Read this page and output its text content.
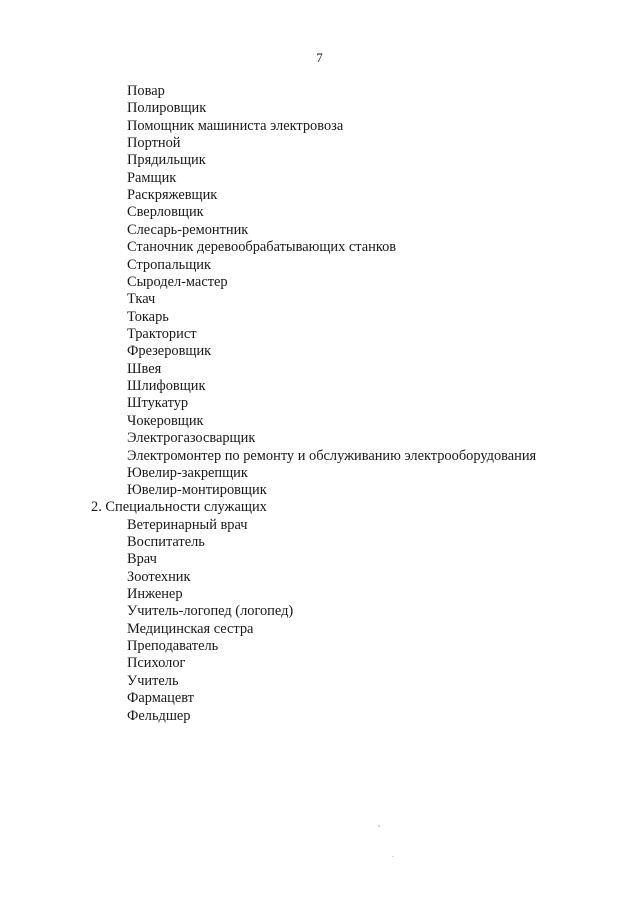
7
Повар
Полировщик
Помощник машиниста электровоза
Портной
Прядильщик
Рамщик
Раскряжевщик
Сверловщик
Слесарь-ремонтник
Станочник деревообрабатывающих станков
Стропальщик
Сыродел-мастер
Ткач
Токарь
Тракторист
Фрезеровщик
Швея
Шлифовщик
Штукатур
Чокеровщик
Электрогазосварщик
Электромонтер по ремонту и обслуживанию электрооборудования
Ювелир-закрепщик
Ювелир-монтировщик
2. Специальности служащих
Ветеринарный врач
Воспитатель
Врач
Зоотехник
Инженер
Учитель-логопед (логопед)
Медицинская сестра
Преподаватель
Психолог
Учитель
Фармацевт
Фельдшер
